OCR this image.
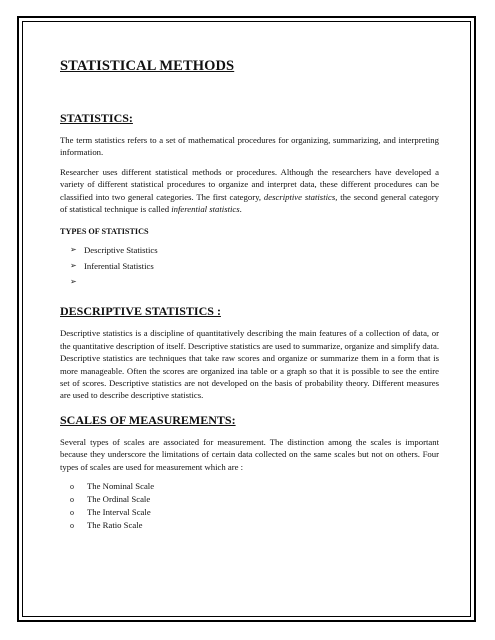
STATISTICAL METHODS
STATISTICS:

The term statistics refers to a set of mathematical procedures for organizing, summarizing, and interpreting information.

Researcher uses different statistical methods or procedures. Although the researchers have developed a variety of different statistical procedures to organize and interpret data, these different procedures can be classified into two general categories. The first category, descriptive statistics, the second general category of statistical technique is called inferential statistics.

TYPES OF STATISTICS
➢ Descriptive Statistics
➢ Inferential Statistics
➢
DESCRIPTIVE STATISTICS :

Descriptive statistics is a discipline of quantitatively describing the main features of a collection of data, or the quantitative description of itself. Descriptive statistics are used to summarize, organize and simplify data. Descriptive statistics are techniques that take raw scores and organize or summarize them in a form that is more manageable. Often the scores are organized ina table or a graph so that it is possible to see the entire set of scores. Descriptive statistics are not developed on the basis of probability theory. Different measures are used to describe descriptive statistics.

SCALES OF MEASUREMENTS:

Several types of scales are associated for measurement. The distinction among the scales is important because they underscore the limitations of certain data collected on the same scales but not on others. Four types of scales are used for measurement which are :

o	The Nominal Scale
o	The Ordinal Scale
o	The Interval Scale
o	The Ratio Scale
